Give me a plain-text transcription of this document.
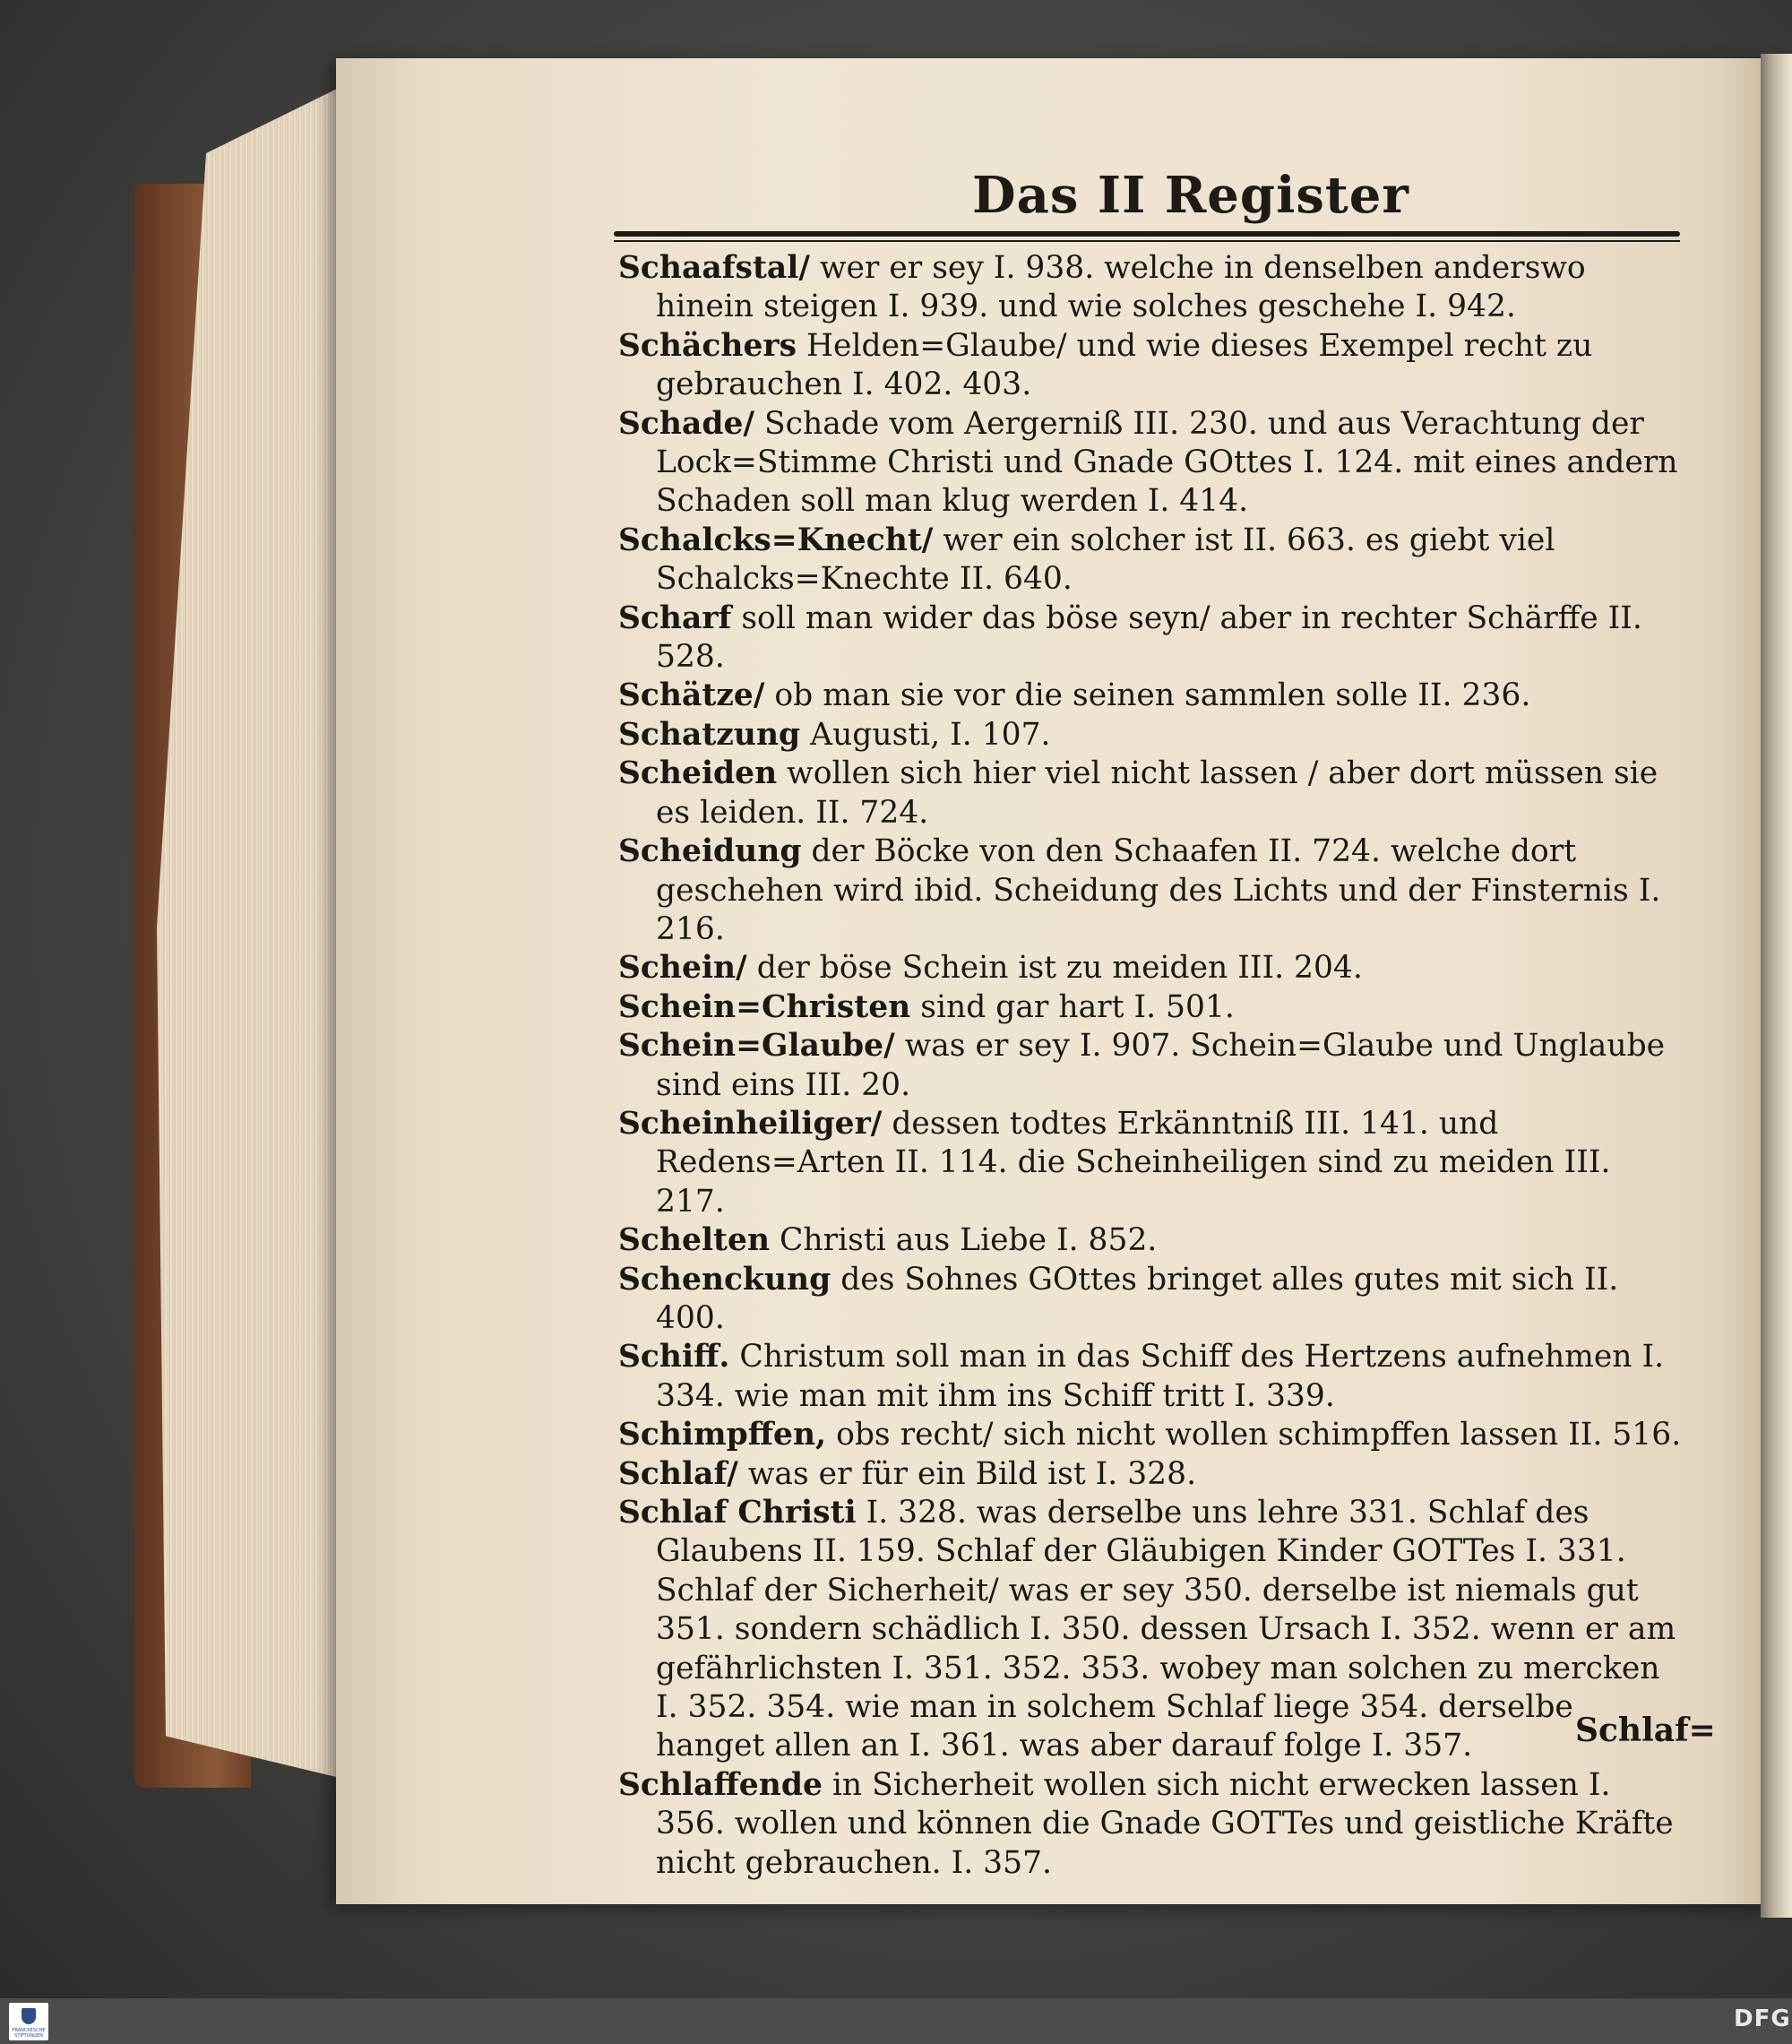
Das II Register
Schaafstal/ wer er sey I. 938. welche in denselben anderswo hinein steigen I. 939. und wie solches geschehe I. 942.
Schächers Helden=Glaube/ und wie dieses Exempel recht zu gebrauchen I. 402. 403.
Schade/ Schade vom Aergerniß III. 230. und aus Verachtung der Lock=Stimme Christi und Gnade GOttes I. 124. mit eines andern Schaden soll man klug werden I. 414.
Schalcks=Knecht/ wer ein solcher ist II. 663. es giebt viel Schalcks=Knechte II. 640.
Scharf soll man wider das böse seyn/ aber in rechter Schärffe II. 528.
Schätze/ ob man sie vor die seinen sammlen solle II. 236.
Schatzung Augusti, I. 107.
Scheiden wollen sich hier viel nicht lassen / aber dort müssen sie es leiden. II. 724.
Scheidung der Böcke von den Schaafen II. 724. welche dort geschehen wird ibid. Scheidung des Lichts und der Finsternis I. 216.
Schein/ der böse Schein ist zu meiden III. 204.
Schein=Christen sind gar hart I. 501.
Schein=Glaube/ was er sey I. 907. Schein=Glaube und Unglaube sind eins III. 20.
Scheinheiliger/ dessen todtes Erkänntniß III. 141. und Redens=Arten II. 114. die Scheinheiligen sind zu meiden III. 217.
Schelten Christi aus Liebe I. 852.
Schenckung des Sohnes GOttes bringet alles gutes mit sich II. 400.
Schiff. Christum soll man in das Schiff des Hertzens aufnehmen I. 334. wie man mit ihm ins Schiff tritt I. 339.
Schimpffen, obs recht/ sich nicht wollen schimpffen lassen II. 516.
Schlaf/ was er für ein Bild ist I. 328.
Schlaf Christi I. 328. was derselbe uns lehre 331. Schlaf des Glaubens II. 159. Schlaf der Gläubigen Kinder GOTTes I. 331. Schlaf der Sicherheit/ was er sey 350. derselbe ist niemals gut 351. sondern schädlich I. 350. dessen Ursach I. 352. wenn er am gefährlichsten I. 351. 352. 353. wobey man solchen zu mercken I. 352. 354. wie man in solchem Schlaf liege 354. derselbe hanget allen an I. 361. was aber darauf folge I. 357.
Schlaffende in Sicherheit wollen sich nicht erwecken lassen I. 356. wollen und können die Gnade GOTTes und geistliche Kräfte nicht gebrauchen. I. 357.
Schlaf=
FRANCKESCHE STIFTUNGEN
DFG
